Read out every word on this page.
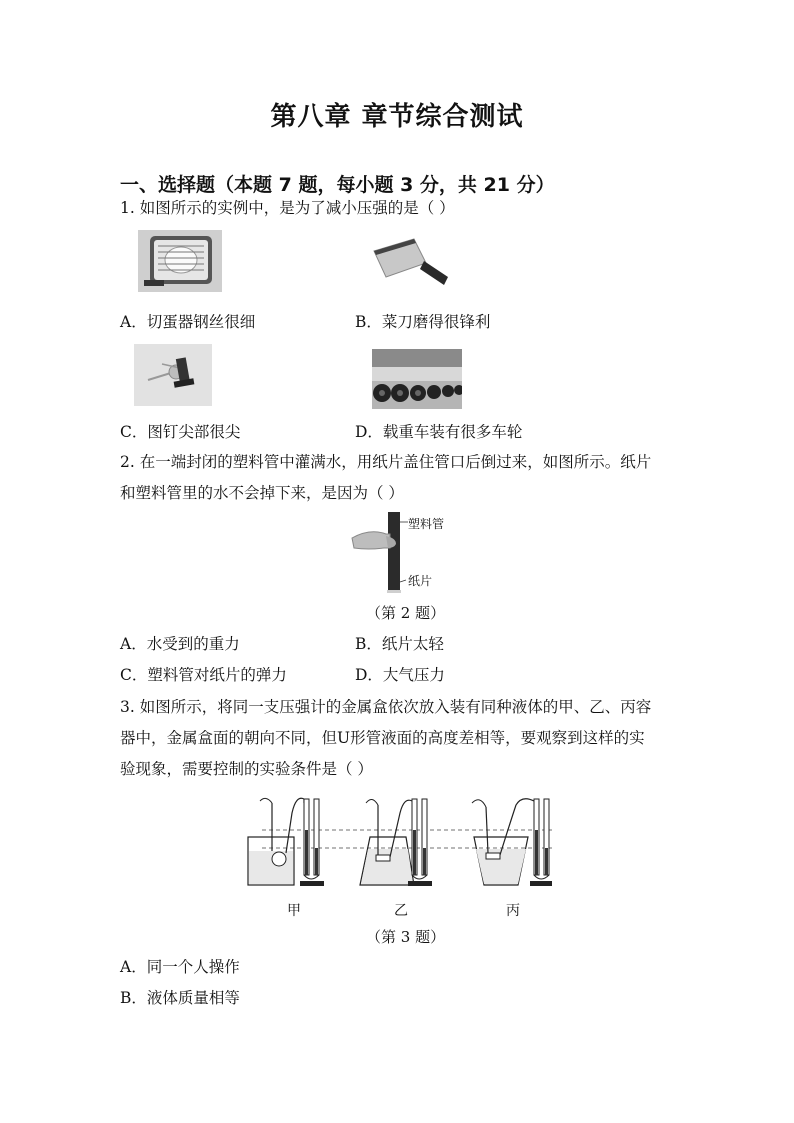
第八章 章节综合测试
一、选择题（本题 7 题，每小题 3 分，共 21 分）
1. 如图所示的实例中，是为了减小压强的是（ ）
A．切蛋器钢丝很细	B．菜刀磨得很锋利
C．图钉尖部很尖	D．载重车装有很多车轮
2. 在一端封闭的塑料管中灌满水，用纸片盖住管口后倒过来，如图所示。纸片
和塑料管里的水不会掉下来，是因为（ ）
塑料管
纸片
（第 2 题）
A．水受到的重力	B．纸片太轻
C．塑料管对纸片的弹力	D．大气压力
3. 如图所示，将同一支压强计的金属盒依次放入装有同种液体的甲、乙、丙容
器中，金属盒面的朝向不同，但U形管液面的高度差相等，要观察到这样的实
验现象，需要控制的实验条件是（ ）
甲	乙	丙
（第 3 题）
A．同一个人操作
B．液体质量相等
